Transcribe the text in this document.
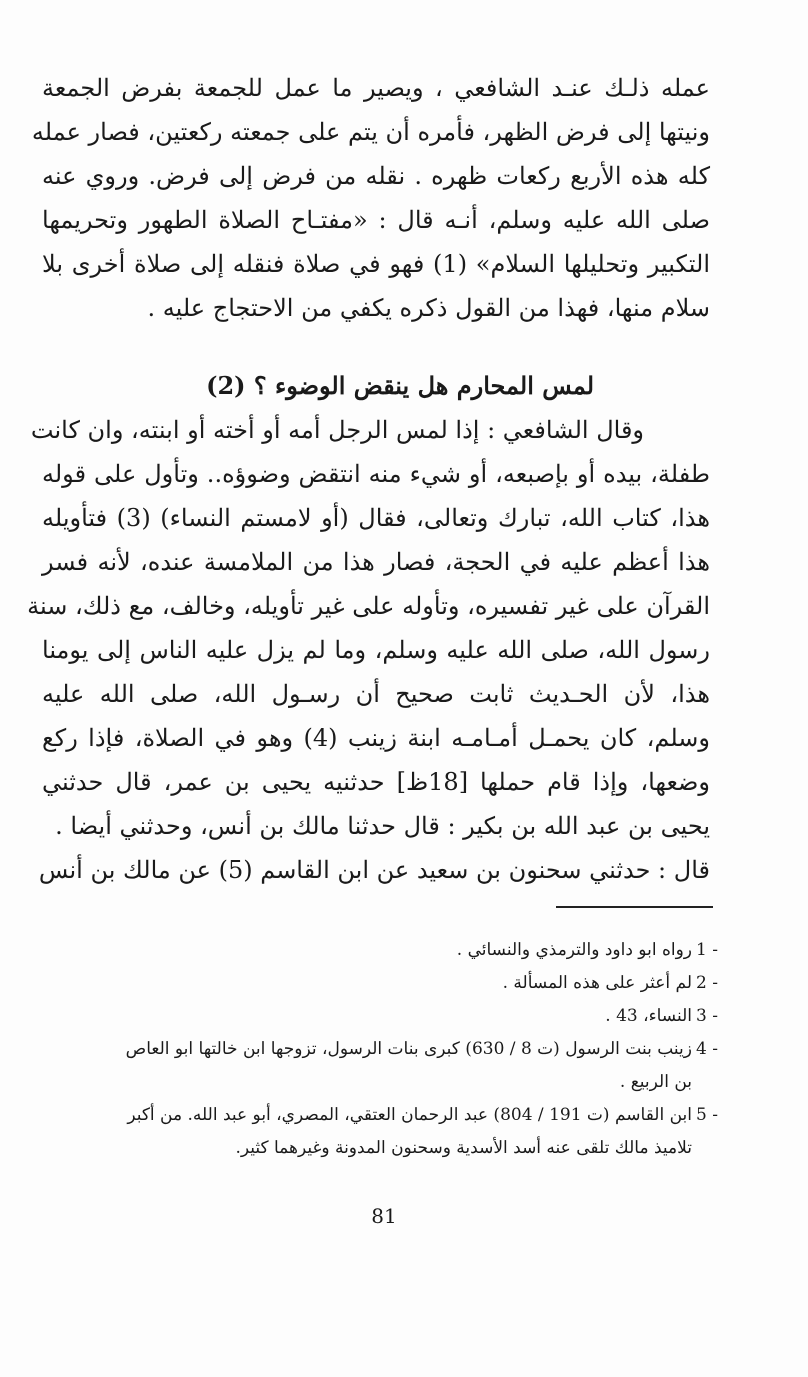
عمله ذلـك عنـد الشافعي ، ويصير ما عمل للجمعة بفرض الجمعة
ونيتها إلى فرض الظهر، فأمره أن يتم على جمعته ركعتين، فصار عمله
كله هذه الأربع ركعات ظهره . نقله من فرض إلى فرض. وروي عنه
صلى الله عليه وسلم، أنـه قال : «مفتـاح الصلاة الطهور وتحريمها
التكبير وتحليلها السلام» (1) فهو في صلاة فنقله إلى صلاة أخرى بلا
سلام منها، فهذا من القول ذكره يكفي من الاحتجاج عليه .
لمس المحارم هل ينقض الوضوء ؟ (2)
وقال الشافعي : إذا لمس الرجل أمه أو أخته أو ابنته، وان كانت
طفلة، بيده أو بإصبعه، أو شيء منه انتقض وضوؤه.. وتأول على قوله
هذا، كتاب الله، تبارك وتعالى، فقال (أو لامستم النساء) (3) فتأويله
هذا أعظم عليه في الحجة، فصار هذا من الملامسة عنده، لأنه فسر
القرآن على غير تفسيره، وتأوله على غير تأويله، وخالف، مع ذلك، سنة
رسول الله، صلى الله عليه وسلم، وما لم يزل عليه الناس إلى يومنا
هذا، لأن الحـديث ثابت صحيح أن رسـول الله، صلى الله عليه
وسلم، كان يحمـل أمـامـه ابنة زينب (4) وهو في الصلاة، فإذا ركع
وضعها، وإذا قام حملها [18ظ] حدثنيه يحيى بن عمر، قال حدثني
يحيى بن عبد الله بن بكير : قال حدثنا مالك بن أنس، وحدثني أيضا .
قال : حدثني سحنون بن سعيد عن ابن القاسم (5) عن مالك بن أنس
1 -
رواه ابو داود والترمذي والنسائي .
2 -
لم أعثر على هذه المسألة .
3 -
النساء، 43 .
4 -
زينب بنت الرسول (ت 8 / 630) كبرى بنات الرسول، تزوجها ابن خالتها ابو العاص
بن الربيع .
5 -
ابن القاسم (ت 191 / 804) عبد الرحمان العتقي، المصري، أبو عبد الله. من أكبر
تلاميذ مالك تلقى عنه أسد الأسدية وسحنون المدونة وغيرهما كثير.
81
